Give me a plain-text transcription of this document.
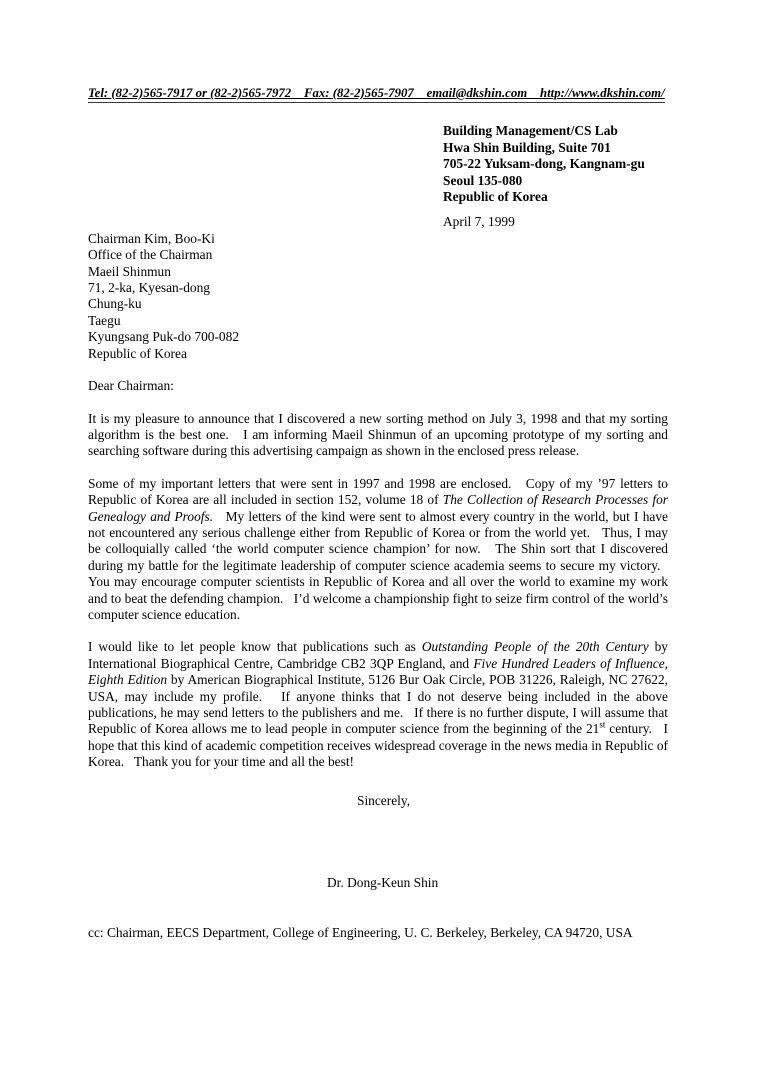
Tel: (82-2)565-7917 or (82-2)565-7972    Fax: (82-2)565-7907    email@dkshin.com    http://www.dkshin.com/
Building Management/CS Lab
Hwa Shin Building, Suite 701
705-22 Yuksam-dong, Kangnam-gu
Seoul 135-080
Republic of Korea
April 7, 1999
Chairman Kim, Boo-Ki
Office of the Chairman
Maeil Shinmun
71, 2-ka, Kyesan-dong
Chung-ku
Taegu
Kyungsang Puk-do 700-082
Republic of Korea
Dear Chairman:

It is my pleasure to announce that I discovered a new sorting method on July 3, 1998 and that my sorting algorithm is the best one.   I am informing Maeil Shinmun of an upcoming prototype of my sorting and searching software during this advertising campaign as shown in the enclosed press release.

Some of my important letters that were sent in 1997 and 1998 are enclosed.   Copy of my ’97 letters to Republic of Korea are all included in section 152, volume 18 of The Collection of Research Processes for Genealogy and Proofs.   My letters of the kind were sent to almost every country in the world, but I have not encountered any serious challenge either from Republic of Korea or from the world yet.   Thus, I may be colloquially called ‘the world computer science champion’ for now.   The Shin sort that I discovered during my battle for the legitimate leadership of computer science academia seems to secure my victory.   You may encourage computer scientists in Republic of Korea and all over the world to examine my work and to beat the defending champion.   I’d welcome a championship fight to seize firm control of the world’s computer science education.

I would like to let people know that publications such as Outstanding People of the 20th Century by International Biographical Centre, Cambridge CB2 3QP England, and Five Hundred Leaders of Influence, Eighth Edition by American Biographical Institute, 5126 Bur Oak Circle, POB 31226, Raleigh, NC 27622, USA, may include my profile.   If anyone thinks that I do not deserve being included in the above publications, he may send letters to the publishers and me.   If there is no further dispute, I will assume that Republic of Korea allows me to lead people in computer science from the beginning of the 21st century.   I hope that this kind of academic competition receives widespread coverage in the news media in Republic of Korea.   Thank you for your time and all the best!

Sincerely,
Dr. Dong-Keun Shin
cc: Chairman, EECS Department, College of Engineering, U. C. Berkeley, Berkeley, CA 94720, USA
